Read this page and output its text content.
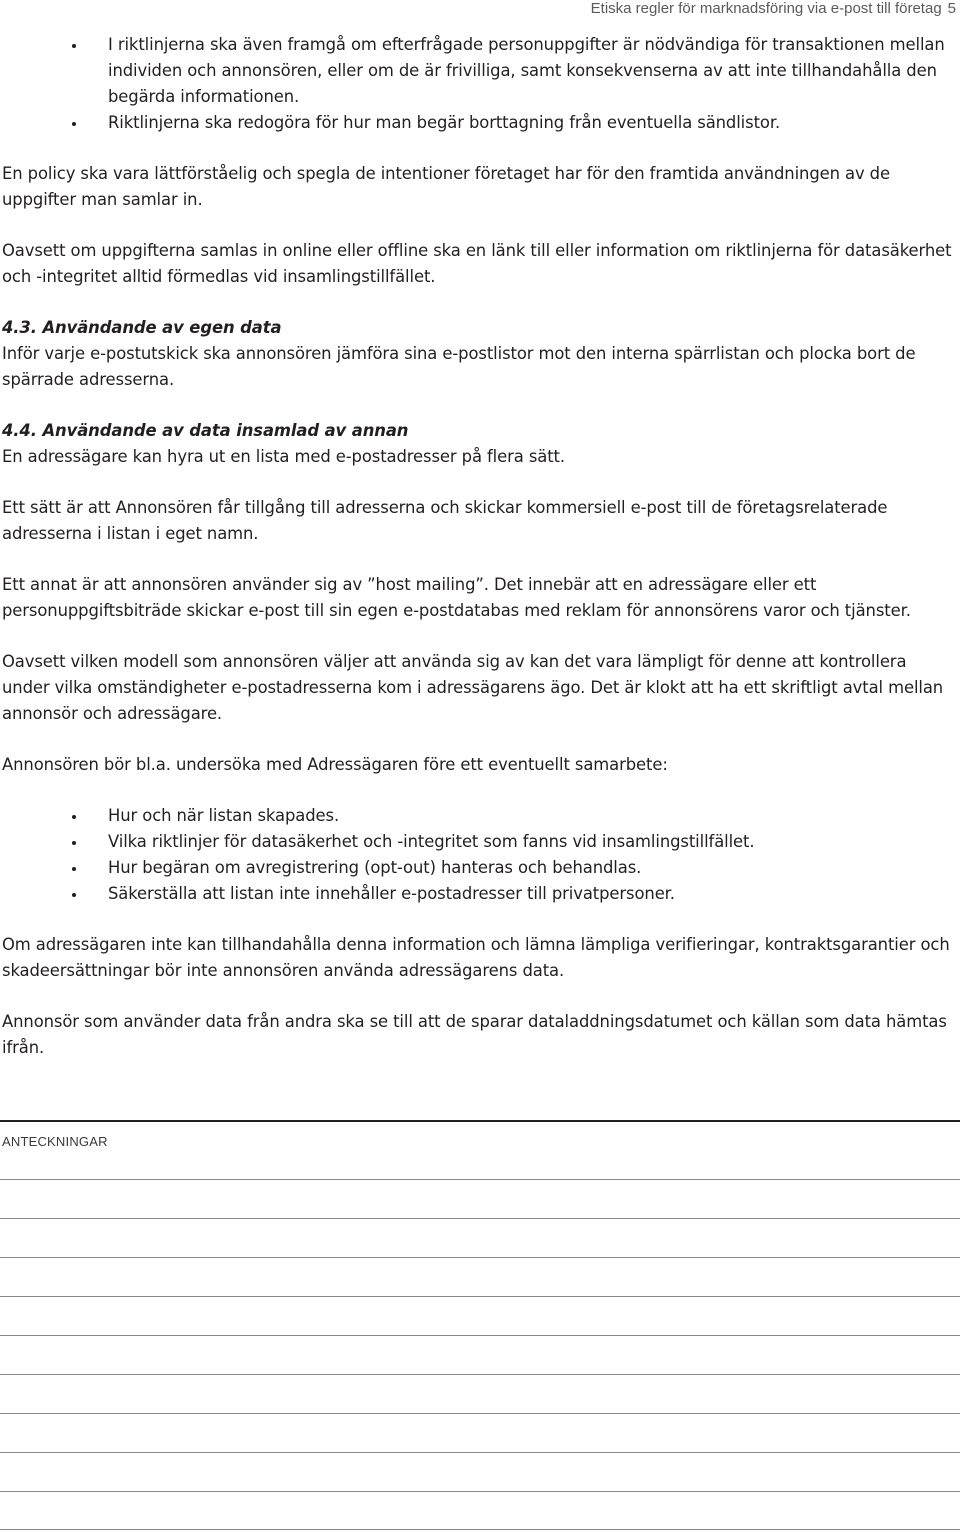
Etiska regler för marknadsföring via e-post till företag 5
I riktlinjerna ska även framgå om efterfrågade personuppgifter är nödvändiga för transaktionen mellan individen och annonsören, eller om de är frivilliga, samt konsekvenserna av att inte tillhandahålla den begärda informationen.
Riktlinjerna ska redogöra för hur man begär borttagning från eventuella sändlistor.

En policy ska vara lättförståelig och spegla de intentioner företaget har för den framtida användningen av de uppgifter man samlar in.

Oavsett om uppgifterna samlas in online eller offline ska en länk till eller information om riktlinjerna för datasäkerhet och -integritet alltid förmedlas vid insamlingstillfället.

4.3. Användande av egen data

Inför varje e-postutskick ska annonsören jämföra sina e-postlistor mot den interna spärrlistan och plocka bort de spärrade adresserna.

4.4. Användande av data insamlad av annan

En adressägare kan hyra ut en lista med e-postadresser på flera sätt.

Ett sätt är att Annonsören får tillgång till adresserna och skickar kommersiell e-post till de företagsrelaterade adresserna i listan i eget namn.

Ett annat är att annonsören använder sig av ”host mailing”. Det innebär att en adressägare eller ett personuppgiftsbiträde skickar e-post till sin egen e-postdatabas med reklam för annonsörens varor och tjänster.

Oavsett vilken modell som annonsören väljer att använda sig av kan det vara lämpligt för denne att kontrollera under vilka omständigheter e-postadresserna kom i adressägarens ägo. Det är klokt att ha ett skriftligt avtal mellan annonsör och adressägare.

Annonsören bör bl.a. undersöka med Adressägaren före ett eventuellt samarbete:

Hur och när listan skapades.
Vilka riktlinjer för datasäkerhet och -integritet som fanns vid insamlingstillfället.
Hur begäran om avregistrering (opt-out) hanteras och behandlas.
Säkerställa att listan inte innehåller e-postadresser till privatpersoner.

Om adressägaren inte kan tillhandahålla denna information och lämna lämpliga verifieringar, kontraktsgarantier och skadeersättningar bör inte annonsören använda adressägarens data.

Annonsör som använder data från andra ska se till att de sparar dataladdningsdatumet och källan som data hämtas ifrån.

ANTECKNINGAR
